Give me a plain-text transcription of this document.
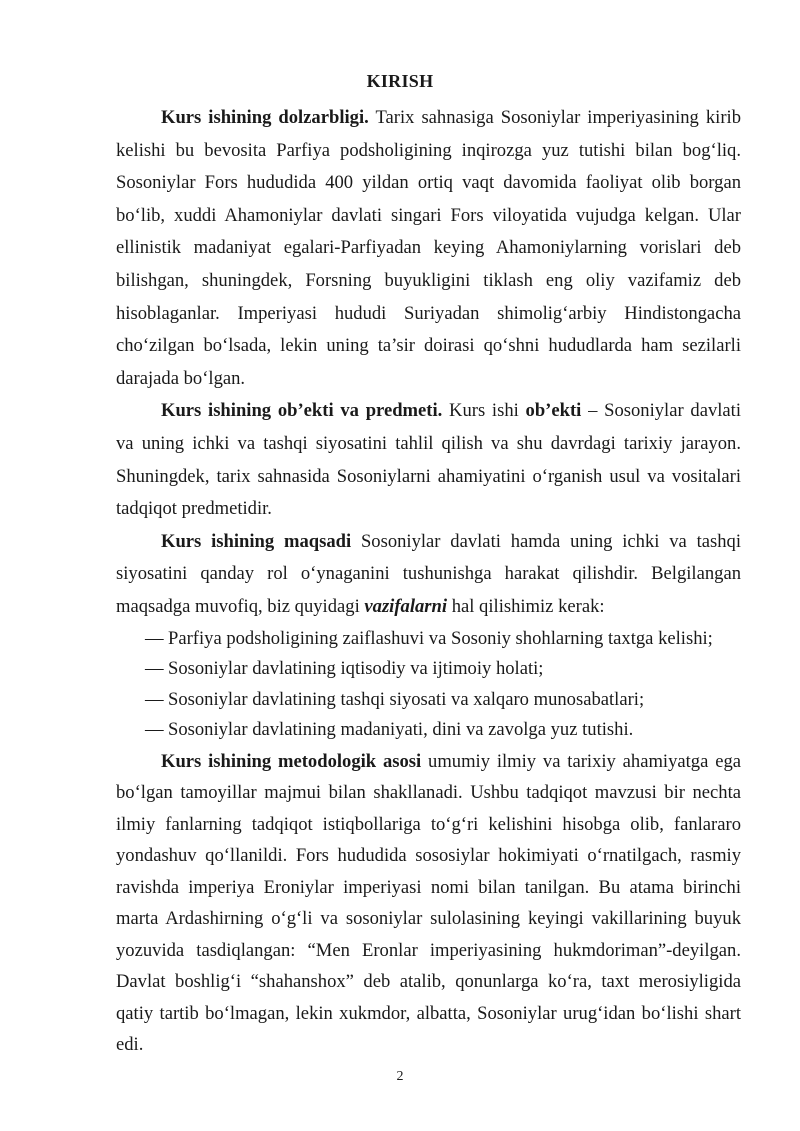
KIRISH

Kurs ishining dolzarbligi. Tarix sahnasiga Sosoniylar imperiyasining kirib kelishi bu bevosita Parfiya podsholigining inqirozga yuz tutishi bilan bog‘liq. Sosoniylar Fors hududida 400 yildan ortiq vaqt davomida faoliyat olib borgan bo‘lib, xuddi Ahamoniylar davlati singari Fors viloyatida vujudga kelgan. Ular ellinistik madaniyat egalari-Parfiyadan keying Ahamoniylarning vorislari deb bilishgan, shuningdek, Forsning buyukligini tiklash eng oliy vazifamiz deb hisoblaganlar. Imperiyasi hududi Suriyadan shimolig‘arbiy Hindistongacha cho‘zilgan bo‘lsada, lekin uning ta’sir doirasi qo‘shni hududlarda ham sezilarli darajada bo‘lgan.

Kurs ishining ob’ekti va predmeti. Kurs ishi ob’ekti – Sosoniylar davlati va uning ichki va tashqi siyosatini tahlil qilish va shu davrdagi tarixiy jarayon. Shuningdek, tarix sahnasida Sosoniylarni ahamiyatini o‘rganish usul va vositalari tadqiqot predmetidir.

Kurs ishining maqsadi Sosoniylar davlati hamda uning ichki va tashqi siyosatini qanday rol o‘ynaganini tushunishga harakat qilishdir. Belgilangan maqsadga muvofiq, biz quyidagi vazifalarni hal qilishimiz kerak:

— Parfiya podsholigining zaiflashuvi va Sosoniy shohlarning taxtga kelishi;
— Sosoniylar davlatining iqtisodiy va ijtimoiy holati;
— Sosoniylar davlatining tashqi siyosati va xalqaro munosabatlari;
— Sosoniylar davlatining madaniyati, dini va zavolga yuz tutishi.

Kurs ishining metodologik asosi umumiy ilmiy va tarixiy ahamiyatga ega bo‘lgan tamoyillar majmui bilan shakllanadi. Ushbu tadqiqot mavzusi bir nechta ilmiy fanlarning tadqiqot istiqbollariga to‘g‘ri kelishini hisobga olib, fanlararo yondashuv qo‘llanildi. Fors hududida sososiylar hokimiyati o‘rnatilgach, rasmiy ravishda imperiya Eroniylar imperiyasi nomi bilan tanilgan. Bu atama birinchi marta Ardashirning o‘g‘li va sosoniylar sulolasining keyingi vakillarining buyuk yozuvida tasdiqlangan: “Men Eronlar imperiyasining hukmdoriman”-deyilgan. Davlat boshlig‘i “shahanshox” deb atalib, qonunlarga ko‘ra, taxt merosiyligida qatiy tartib bo‘lmagan, lekin xukmdor, albatta, Sosoniylar urug‘idan bo‘lishi shart edi.

2
